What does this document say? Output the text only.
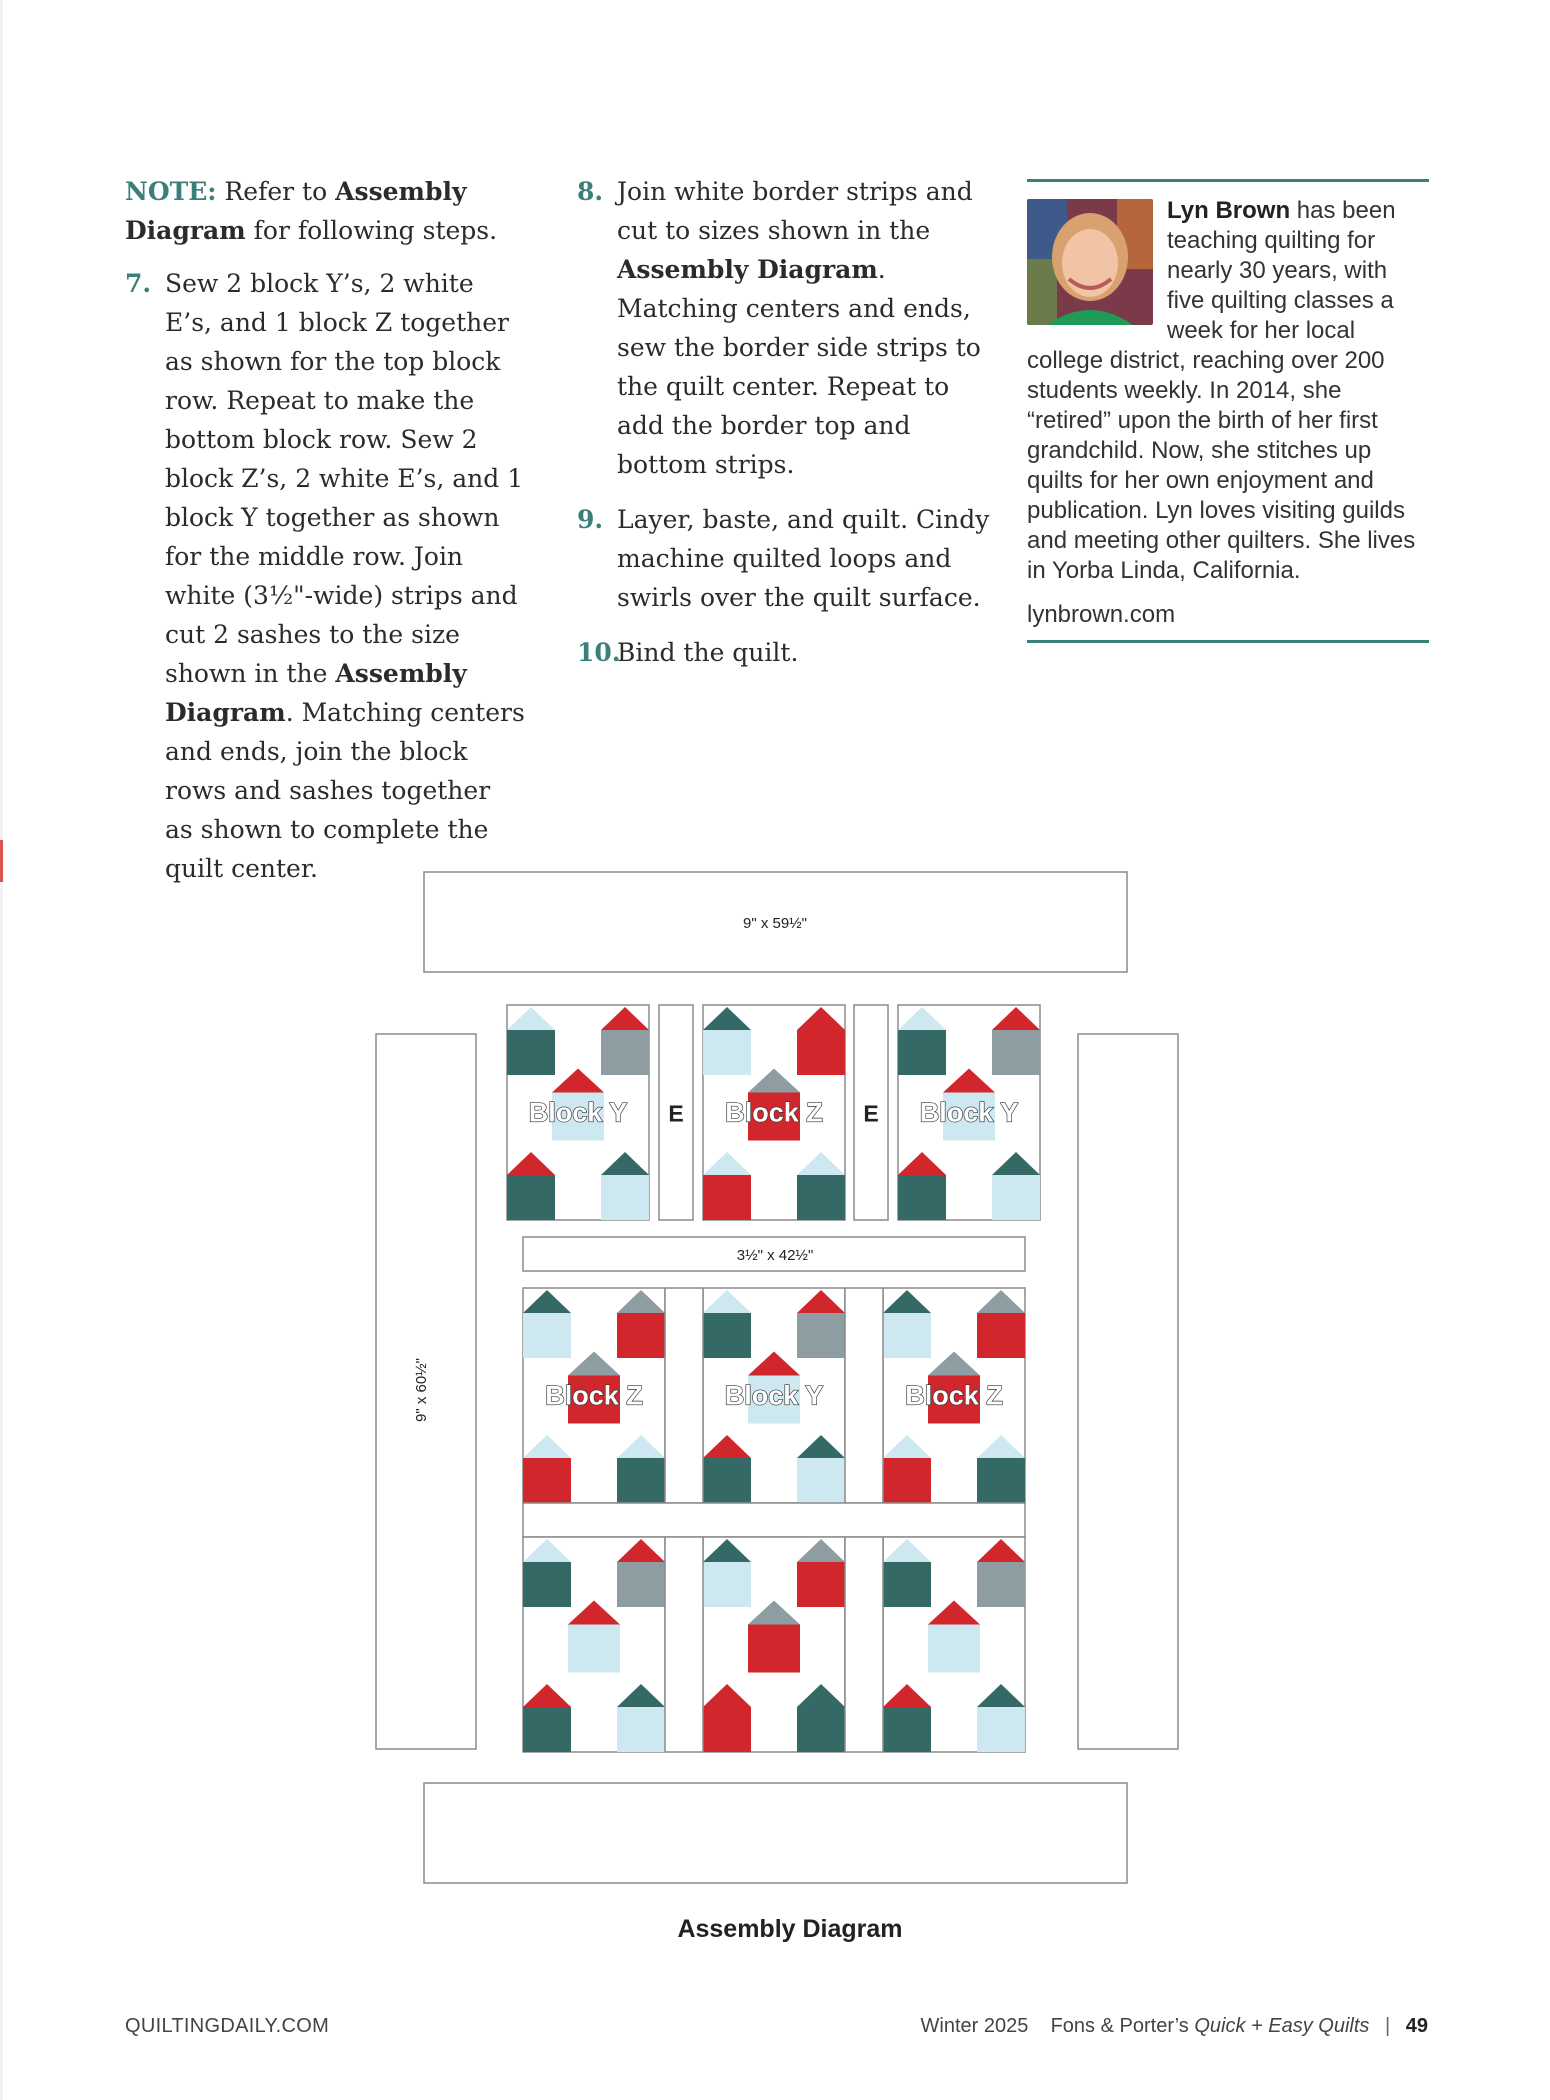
NOTE: Refer to Assembly Diagram for following steps.

7. Sew 2 block Y’s, 2 white E’s, and 1 block Z together as shown for the top block row. Repeat to make the bottom block row. Sew 2 block Z’s, 2 white E’s, and 1 block Y together as shown for the middle row. Join white (3½"-wide) strips and cut 2 sashes to the size shown in the Assembly Diagram. Matching centers and ends, join the block rows and sashes together as shown to complete the quilt center.
8. Join white border strips and cut to sizes shown in the Assembly Diagram. Matching centers and ends, sew the border side strips to the quilt center. Repeat to add the border top and bottom strips.
9. Layer, baste, and quilt. Cindy machine quilted loops and swirls over the quilt surface.
10.
Bind the quilt.
Lyn Brown has been teaching quilting for nearly 30 years, with five quilting classes a week for her local college district, reaching over 200 students weekly. In 2014, she “retired” upon the birth of her first grandchild. Now, she stitches up quilts for her own enjoyment and publication. Lyn loves visiting guilds and meeting other quilters. She lives in Yorba Linda, California.
lynbrown.com
9" x 59½"
9" x 60½"
Block Y E Block Z E Block Y
3½" x 42½"
Block Z	Block Y	Block Z
Assembly Diagram
QUILTINGDAILY.COM	Winter 2025 Fons & Porter’s Quick + Easy Quilts | 49
